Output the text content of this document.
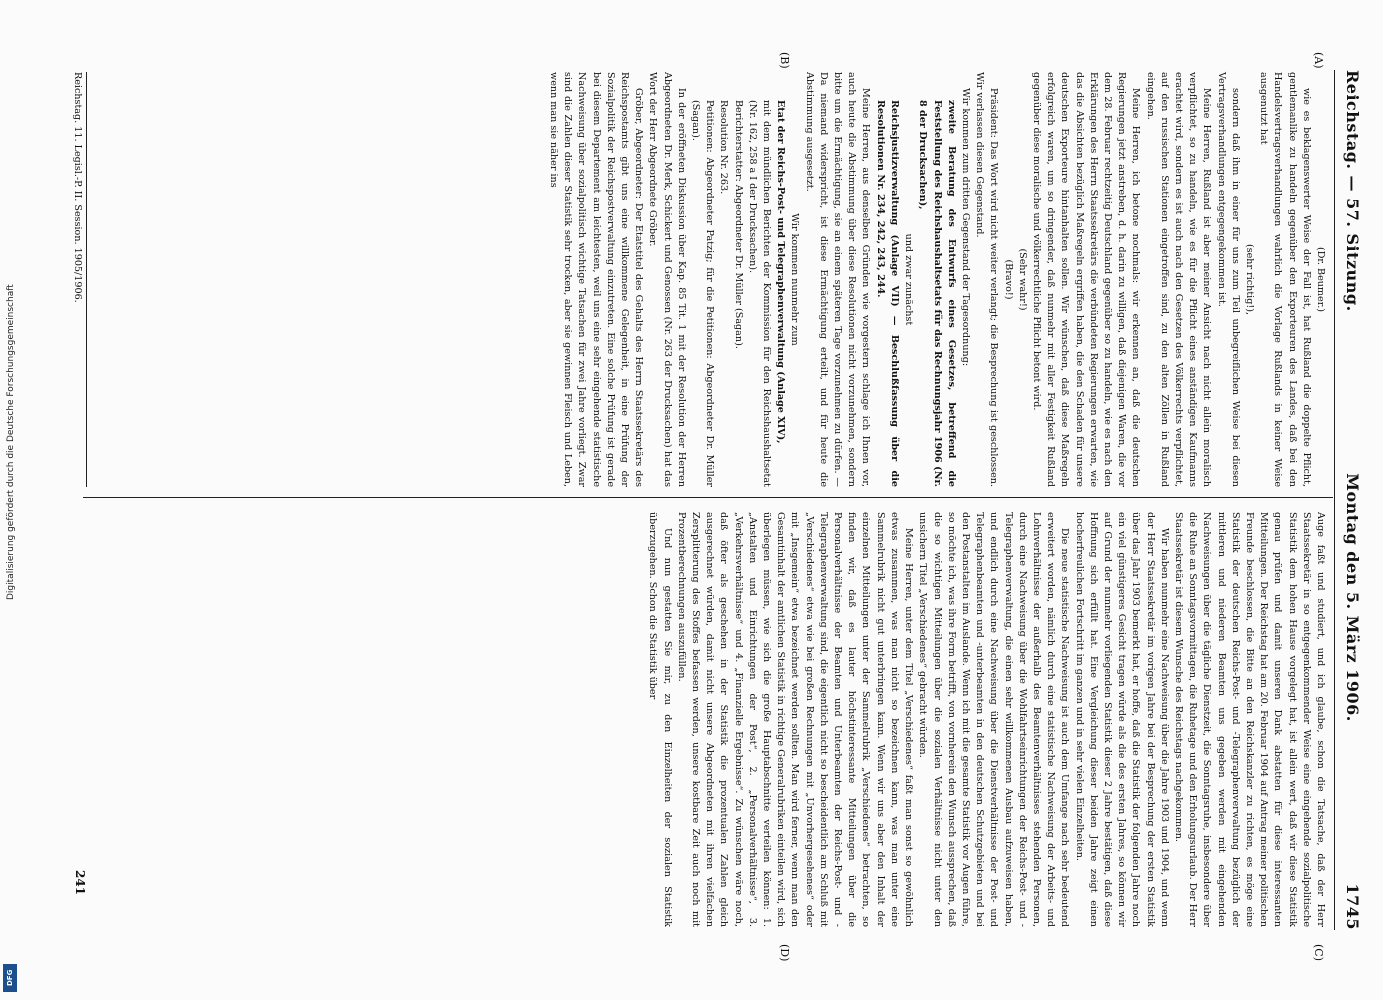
Reichstag. — 57. Sitzung.
Montag den 5. März 1906.
1745
(A)
(B)
(C)
(D)

(Dr. Beumer.)

wie es beklagenswerter Weise der Fall ist, hat Rußland die doppelte Pflicht, gentlemanlike zu handeln gegenüber den Exporteuren des Landes, daß bei den Handelsvertragsverhandlungen wahrlich die Vorlage Rußlands in keiner Weise ausgenutzt hat

(sehr richtig!),

sondern daß ihm in einer für uns zum Teil unbegreiflichen Weise bei diesen Vertragsverhandlungen entgegengekommen ist.

Meine Herren, Rußland ist aber meiner Ansicht nach nicht allein moralisch verpflichtet, so zu handeln, wie es für die Pflicht eines anständigen Kaufmanns erachtet wird, sondern es ist auch nach den Gesetzen des Völkerrechts verpflichtet, auf den russischen Stationen eingetroffen sind, zu den alten Zöllen in Rußland eingehen.

Meine Herren, ich betone nochmals: wir erkennen an, daß die deutschen Regierungen jetzt anstreben, d. h. darin zu willigen, daß diejenigen Waren, die vor dem 28. Februar rechtzeitig Deutschland gegenüber so zu handeln, wie es nach den Erklärungen des Herrn Staatssekretärs die verbündeten Regierungen erwarten, wie das die Absichten bezüglich Maßregeln ergriffen haben, die den Schaden für unsere deutschen Exporteure hintanhalten sollen. Wir wünschen, daß diese Maßregeln erfolgreich waren, um so dringender, daß nunmehr mit aller Festigkeit Rußland gegenüber diese moralische und völkerrechtliche Pflicht betont wird.

(Sehr wahr!)

(Bravo!)

Präsident: Das Wort wird nicht weiter verlangt; die Besprechung ist geschlossen. Wir verlassen diesen Gegenstand.

Wir kommen zum dritten Gegenstand der Tagesordnung:

zweite Beratung des Entwurfs eines Gesetzes, betreffend die Feststellung des Reichshaushaltsetats für das Rechnungsjahr 1906 (Nr. 8 der Drucksachen),

und zwar zunächst

Reichsjustizverwaltung (Anlage VII) — Beschlußfassung über die Resolutionen Nr. 234, 242, 243, 244.

Meine Herren, aus denselben Gründen wie vorgestern schlage ich Ihnen vor, auch heute die Abstimmung über diese Resolutionen nicht vorzunehmen, sondern bitte um die Ermächtigung, sie an einem späteren Tage vorzunehmen zu dürfen. — Da niemand widerspricht, ist diese Ermächtigung erteilt, und für heute die Abstimmung ausgesetzt.

Wir kommen nunmehr zum

Etat der Reichs-Post- und Telegraphenverwaltung (Anlage XIV),

mit dem mündlichen Berichten der Kommission für den Reichshaushaltsetat (Nr. 162, 258 a I der Drucksachen).

Berichterstatter: Abgeordneter Dr. Müller (Sagan).

Resolution Nr. 263.

Petitionen: Abgeordneter Patzig; für die Petitionen: Abgeordneter Dr. Müller (Sagan).

In der eröffneten Diskussion über Kap. 85 Tit. 1 mit der Resolution der Herren Abgeordneten Dr. Merk, Schickert und Genossen (Nr. 263 der Drucksachen) hat das Wort der Herr Abgeordnete Gröber.

Gröber, Abgeordneter: Der Etatstitel des Gehalts des Herrn Staatssekretärs des Reichspostamts gibt uns eine willkommene Gelegenheit, in eine Prüfung der Sozialpolitik der Reichspostverwaltung einzutreten. Eine solche Prüfung ist gerade bei diesem Departement am leichtesten, weil uns eine sehr eingehende statistische Nachweisung über sozialpolitisch wichtige Tatsachen für zwei Jahre vorliegt. Zwar sind die Zahlen dieser Statistik sehr trocken, aber sie gewinnen Fleisch und Leben, wenn man sie näher ins

Auge faßt und studiert, und ich glaube, schon die Tatsache, daß der Herr Staatssekretär in so entgegenkommender Weise eine eingehende sozialpolitische Statistik dem hohen Hause vorgelegt hat, ist allein wert, daß wir diese Statistik genau prüfen und damit unseren Dank abstatten für diese interessanten Mitteilungen. Der Reichstag hat am 20. Februar 1904 auf Antrag meiner politischen Freunde beschlossen, die Bitte an den Reichskanzler zu richten, es möge eine Statistik der deutschen Reichs-Post- und -Telegraphenverwaltung bezüglich der mittleren und niederen Beamten uns gegeben werden mit eingehenden Nachweisungen über die tägliche Dienstzeit, die Sonntagsruhe, insbesondere über die Ruhe an Sonntagsvormittagen, die Ruhetage und den Erholungsurlaub. Der Herr Staatssekretär ist diesem Wunsche des Reichstags nachgekommen.

Wir haben nunmehr eine Nachweisung über die Jahre 1903 und 1904, und wenn der Herr Staatssekretär im vorigen Jahre bei der Besprechung der ersten Statistik über das Jahr 1903 bemerkt hat, er hoffe, daß die Statistik der folgenden Jahre noch ein viel günstigeres Gesicht tragen würde als die des ersten Jahres, so können wir auf Grund der nunmehr vorliegenden Statistik dieser 2 Jahre bestätigen, daß diese Hoffnung sich erfüllt hat. Eine Vergleichung dieser beiden Jahre zeigt einen hocherfreulichen Fortschritt im ganzen und in sehr vielen Einzelheiten.

Die neue statistische Nachweisung ist auch dem Umfange nach sehr bedeutend erweitert worden, nämlich durch eine statistische Nachweisung der Arbeits- und Lohnverhältnisse der außerhalb des Beamtenverhältnisses stehenden Personen, durch eine Nachweisung über die Wohlfahrtseinrichtungen der Reichs-Post- und -Telegraphenverwaltung, die einen sehr willkommenen Ausbau aufzuweisen haben, und endlich durch eine Nachweisung über die Dienstverhältnisse der Post- und Telegraphenbeamten und -unterbeamten in den deutschen Schutzgebieten und bei den Postanstalten im Auslande. Wenn ich mit die gesamte Statistik vor Augen führe, so möchte ich, was ihre Form betrifft, von vornherein den Wunsch aussprechen, daß die so wichtigen Mitteilungen über die sozialen Verhältnisse nicht unter den unsichern Titel „Verschiedenes“ gebracht würden.

Meine Herren, unter dem Titel „Verschiedenes“ faßt man sonst so gewöhnlich etwas zusammen, was man nicht so bezeichnen kann, was man unter eine Sammelrubrik nicht gut unterbringen kann. Wenn wir uns aber den Inhalt der einzelnen Mitteilungen unter der Sammelrubrik „Verschiedenes“ betrachten, so finden wir, daß es lauter höchstinteressante Mitteilungen über die Personalverhältnisse der Beamten und Unterbeamten der Reichs-Post- und -Telegraphenverwaltung sind, die eigentlich nicht so bescheidentlich am Schluß mit „Verschiedenes“ etwa wie bei großen Rechnungen mit „Unvorhergesehenes“ oder mit „Insgemein“ etwa bezeichnet werden sollten. Man wird ferner, wenn man den Gesamtinhalt der amtlichen Statistik in richtige Generalrubriken einteilen wird, sich überlegen müssen, wie sich die große Hauptabschnitte verteilen können: 1. „Anstalten und Einrichtungen der Post“, 2. „Personalverhältnisse“, 3. „Verkehrsverhältnisse“ und 4. „Finanzielle Ergebnisse“. Zu wünschen wäre noch, daß öfter als geschehen in der Statistik die prozentualen Zahlen gleich ausgerechnet würden, damit nicht unsere Abgeordneten mit ihren vielfachen Zersplitterung des Stoffes befassen werden, unsere kostbare Zeit auch noch mit Prozentberechnungen auszufüllen.

Und nun gestatten Sie mir, zu den Einzelheiten der sozialen Statistik überzugehen. Schon die Statistik über

Reichstag. 11. Legisl.-P. II. Session. 1905/1906.
241
Digitalisierung gefördert durch die Deutsche Forschungsgemeinschaft
DFG
